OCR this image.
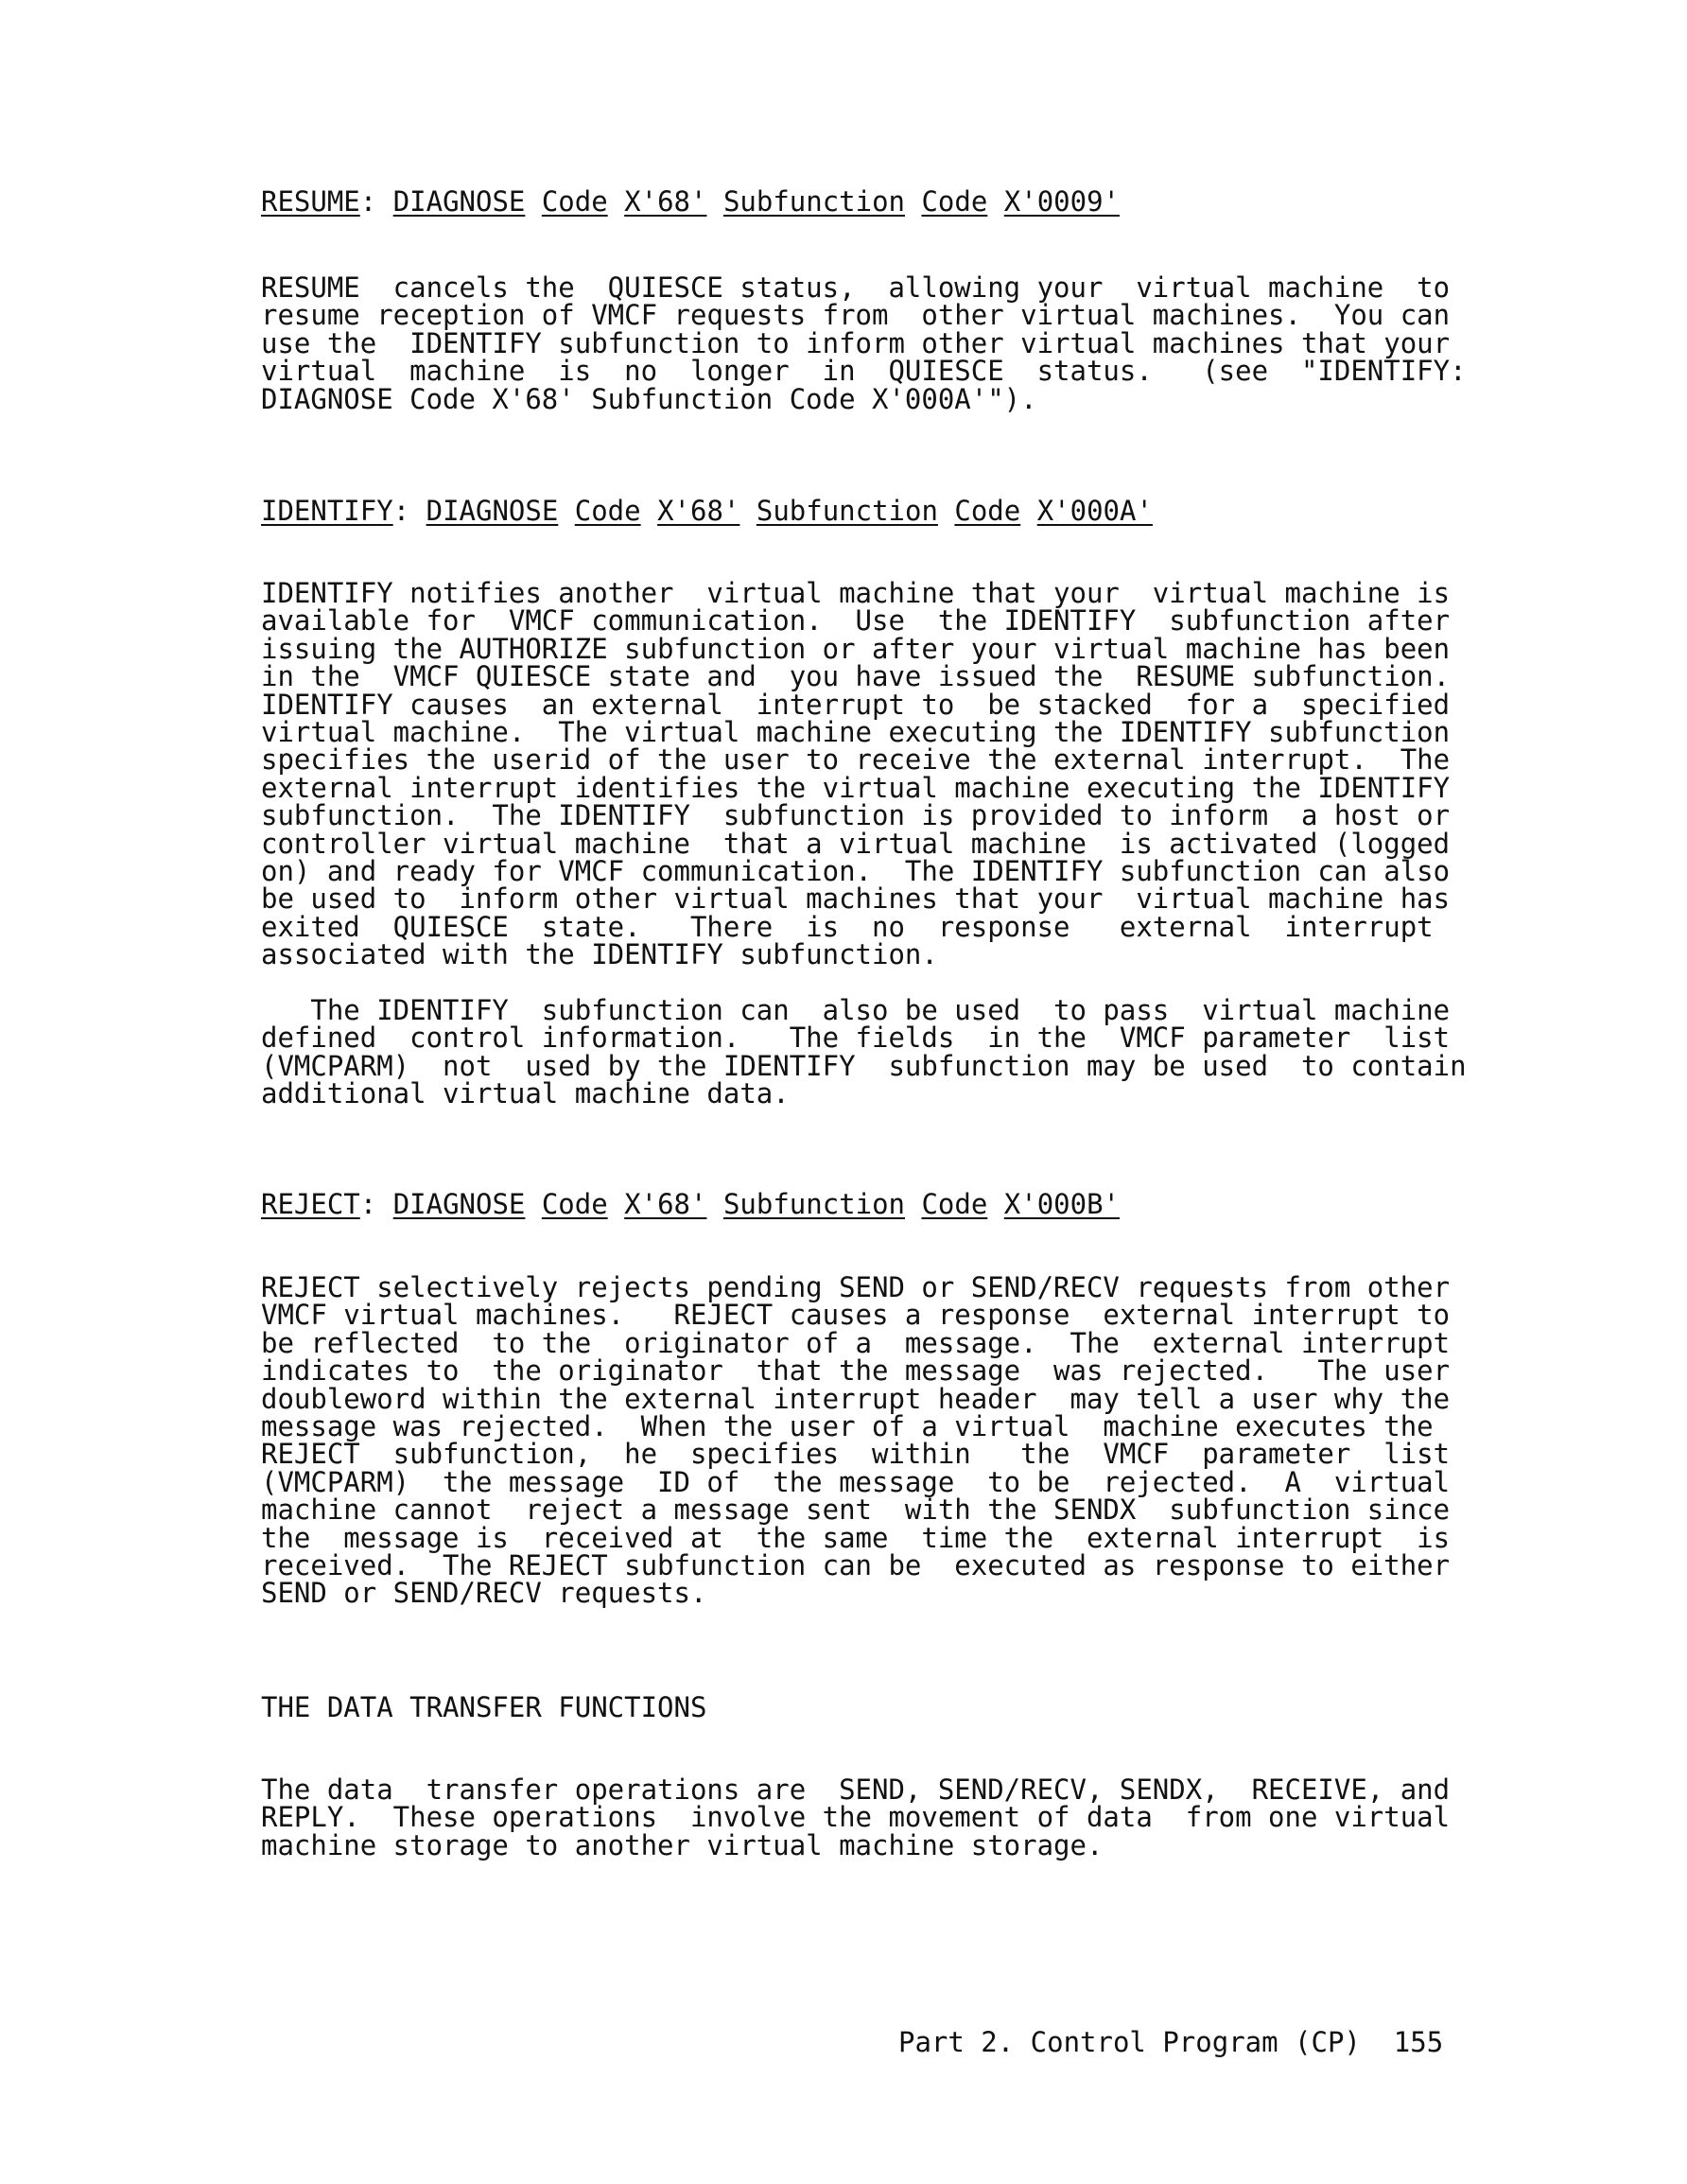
RESUME: DIAGNOSE Code X'68' Subfunction Code X'0009'

RESUME  cancels the  QUIESCE status,  allowing your  virtual machine  to
resume reception of VMCF requests from  other virtual machines.  You can
use the  IDENTIFY subfunction to inform other virtual machines that your
virtual  machine  is  no  longer  in  QUIESCE  status.   (see  "IDENTIFY:
DIAGNOSE Code X'68' Subfunction Code X'000A'").

IDENTIFY: DIAGNOSE Code X'68' Subfunction Code X'000A'

IDENTIFY notifies another  virtual machine that your  virtual machine is
available for  VMCF communication.  Use  the IDENTIFY  subfunction after
issuing the AUTHORIZE subfunction or after your virtual machine has been
in the  VMCF QUIESCE state and  you have issued the  RESUME subfunction.
IDENTIFY causes  an external  interrupt to  be stacked  for a  specified
virtual machine.  The virtual machine executing the IDENTIFY subfunction
specifies the userid of the user to receive the external interrupt.  The
external interrupt identifies the virtual machine executing the IDENTIFY
subfunction.  The IDENTIFY  subfunction is provided to inform  a host or
controller virtual machine  that a virtual machine  is activated (logged
on) and ready for VMCF communication.  The IDENTIFY subfunction can also
be used to  inform other virtual machines that your  virtual machine has
exited  QUIESCE  state.   There  is  no  response   external  interrupt
associated with the IDENTIFY subfunction.

The IDENTIFY  subfunction can  also be used  to pass  virtual machine
defined  control information.   The fields  in the  VMCF parameter  list
(VMCPARM)  not  used by the IDENTIFY  subfunction may be used  to contain
additional virtual machine data.

REJECT: DIAGNOSE Code X'68' Subfunction Code X'000B'

REJECT selectively rejects pending SEND or SEND/RECV requests from other
VMCF virtual machines.   REJECT causes a response  external interrupt to
be reflected  to the  originator of a  message.  The  external interrupt
indicates to  the originator  that the message  was rejected.   The user
doubleword within the external interrupt header  may tell a user why the
message was rejected.  When the user of a virtual  machine executes the
REJECT  subfunction,  he  specifies  within   the  VMCF  parameter  list
(VMCPARM)  the message  ID of  the message  to be  rejected.  A  virtual
machine cannot  reject a message sent  with the SENDX  subfunction since
the  message is  received at  the same  time the  external interrupt  is
received.  The REJECT subfunction can be  executed as response to either
SEND or SEND/RECV requests.

THE DATA TRANSFER FUNCTIONS

The data  transfer operations are  SEND, SEND/RECV, SENDX,  RECEIVE, and
REPLY.  These operations  involve the movement of data  from one virtual
machine storage to another virtual machine storage.

Part 2. Control Program (CP) 155
